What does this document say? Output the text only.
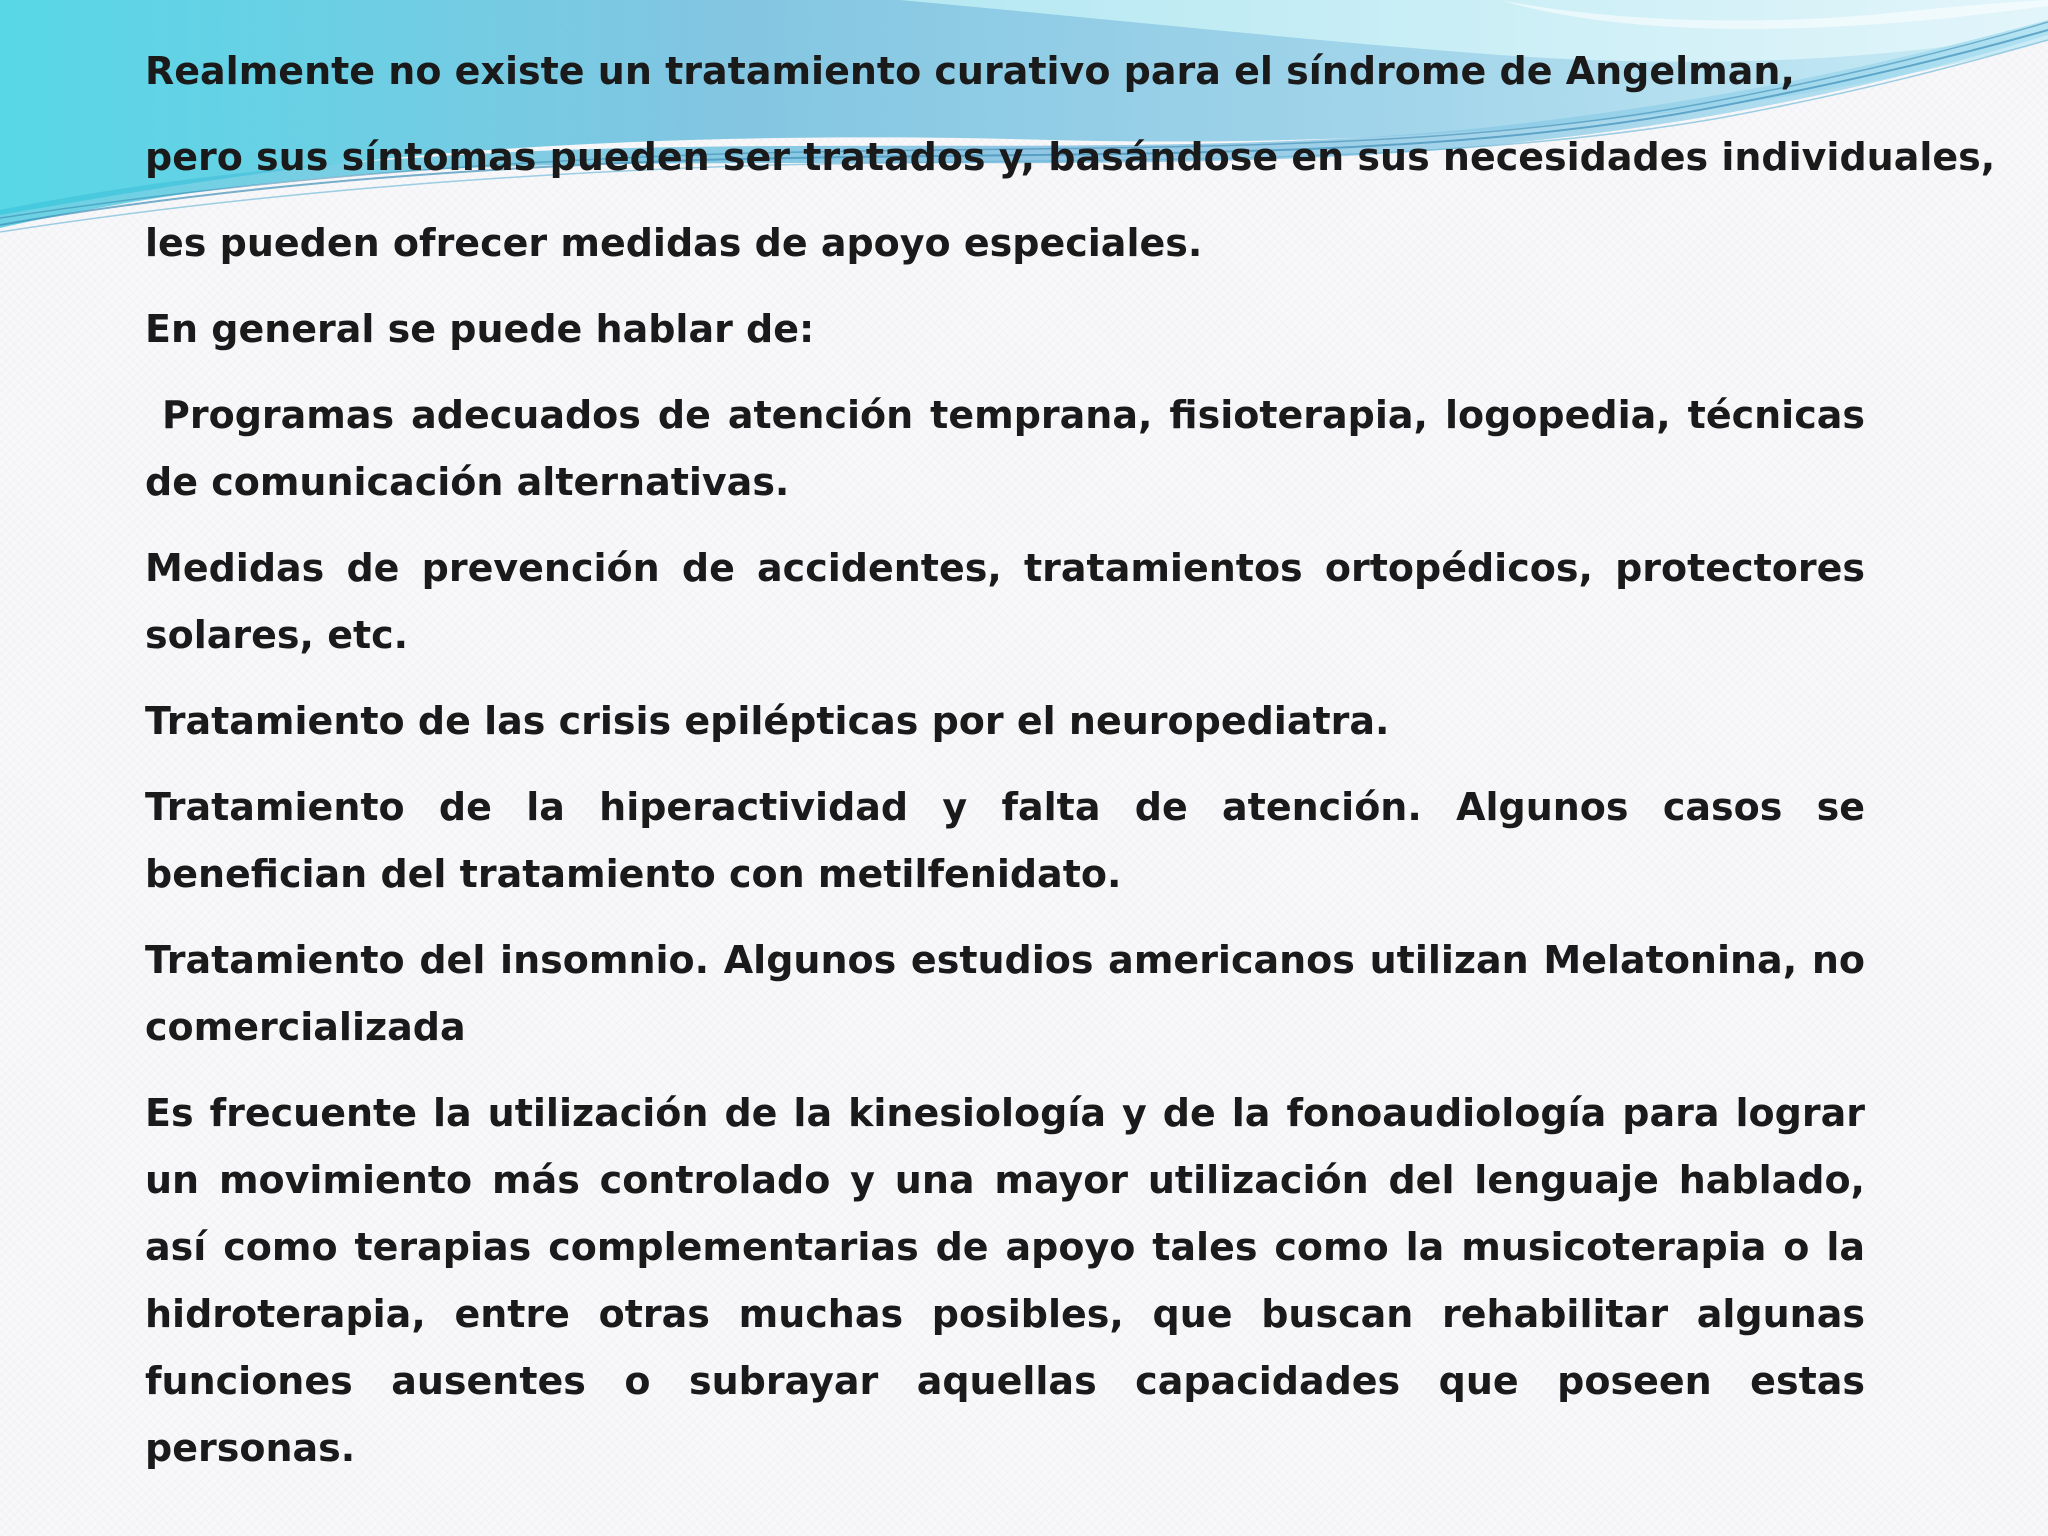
Realmente no existe un tratamiento curativo para el síndrome de Angelman,

pero sus síntomas pueden ser tratados y, basándose en sus necesidades individuales,

les pueden ofrecer medidas de apoyo especiales.

En general se puede hablar de:

Programas adecuados de atención temprana, fisioterapia, logopedia, técnicas de comunicación alternativas.

Medidas de prevención de accidentes, tratamientos ortopédicos, protectores solares, etc.

Tratamiento de las crisis epilépticas por el neuropediatra.

Tratamiento de la hiperactividad y falta de atención. Algunos casos se benefician del tratamiento con metilfenidato.

Tratamiento del insomnio. Algunos estudios americanos utilizan Melatonina, no comercializada

Es frecuente la utilización de la kinesiología y de la fonoaudiología para lograr un movimiento más controlado y una mayor utilización del lenguaje hablado, así como terapias complementarias de apoyo tales como la musicoterapia o la hidroterapia, entre otras muchas posibles, que buscan rehabilitar algunas funciones ausentes o subrayar aquellas capacidades que poseen estas personas.
